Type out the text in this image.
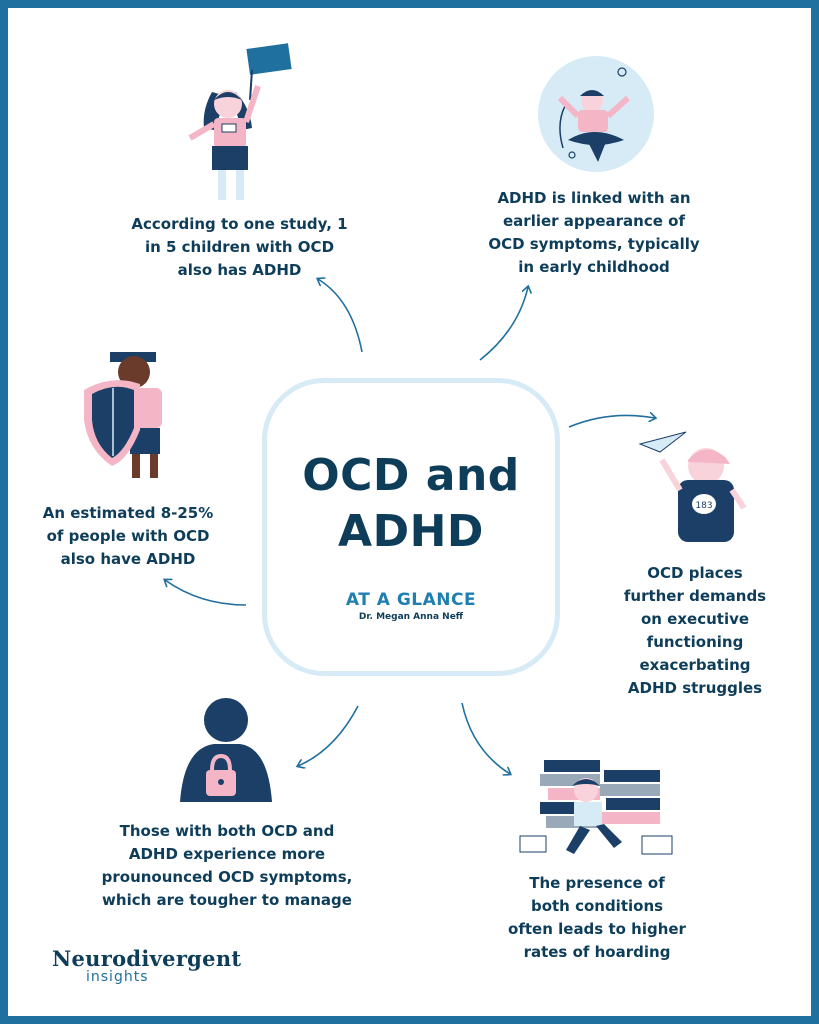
183
OCD and ADHD
AT A GLANCE
Dr. Megan Anna Neff
According to one study, 1
in 5 children with OCD
also has ADHD
ADHD is linked with an
earlier appearance of
OCD symptoms, typically
in early childhood
An estimated 8-25%
of people with OCD
also have ADHD
OCD places
further demands
on executive
functioning
exacerbating
ADHD struggles
Those with both OCD and
ADHD experience more
prounounced OCD symptoms,
which are tougher to manage
The presence of
both conditions
often leads to higher
rates of hoarding
Neurodivergent
insights
